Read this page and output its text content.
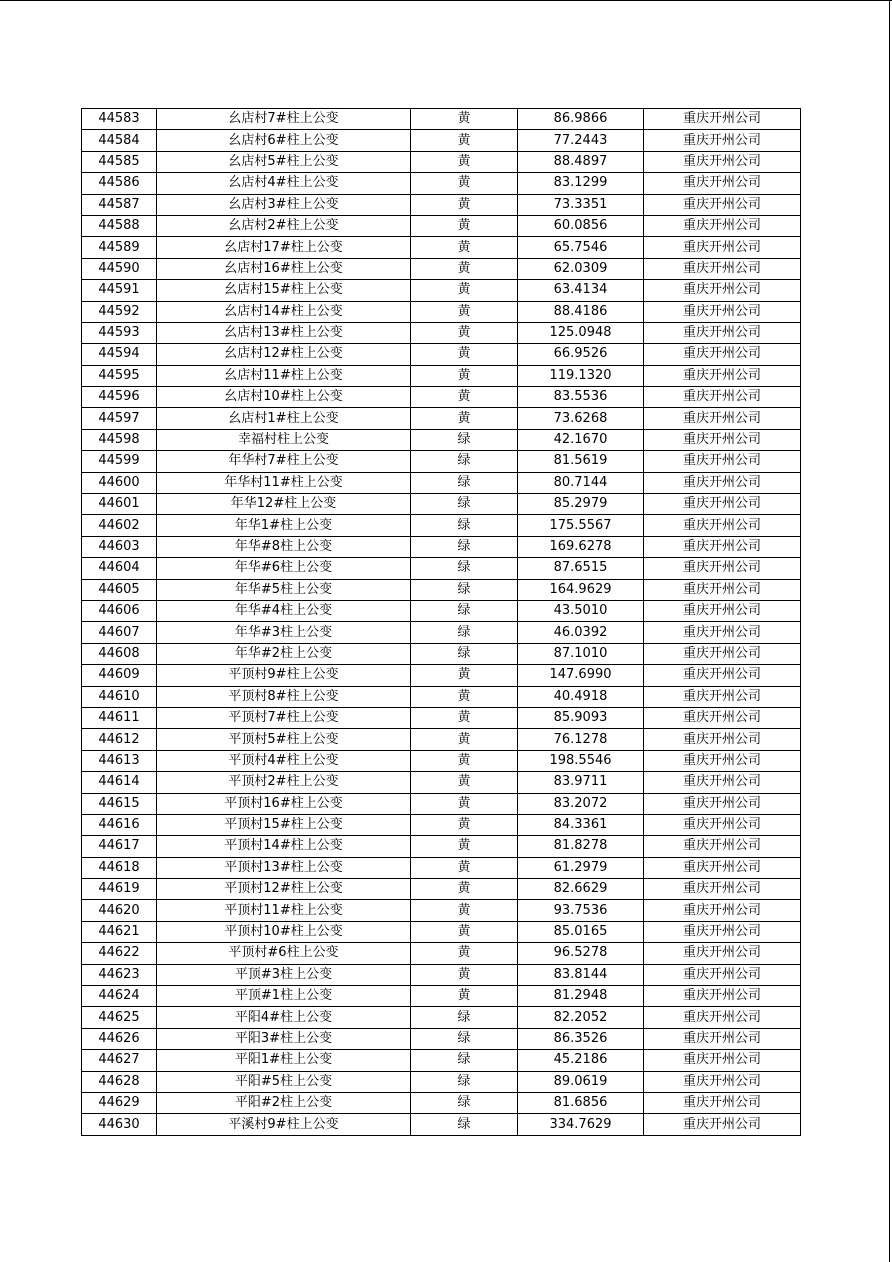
44583	幺店村7#柱上公变	黄	86.9866	重庆开州公司
44584	幺店村6#柱上公变	黄	77.2443	重庆开州公司
44585	幺店村5#柱上公变	黄	88.4897	重庆开州公司
44586	幺店村4#柱上公变	黄	83.1299	重庆开州公司
44587	幺店村3#柱上公变	黄	73.3351	重庆开州公司
44588	幺店村2#柱上公变	黄	60.0856	重庆开州公司
44589	幺店村17#柱上公变	黄	65.7546	重庆开州公司
44590	幺店村16#柱上公变	黄	62.0309	重庆开州公司
44591	幺店村15#柱上公变	黄	63.4134	重庆开州公司
44592	幺店村14#柱上公变	黄	88.4186	重庆开州公司
44593	幺店村13#柱上公变	黄	125.0948	重庆开州公司
44594	幺店村12#柱上公变	黄	66.9526	重庆开州公司
44595	幺店村11#柱上公变	黄	119.1320	重庆开州公司
44596	幺店村10#柱上公变	黄	83.5536	重庆开州公司
44597	幺店村1#柱上公变	黄	73.6268	重庆开州公司
44598	幸福村柱上公变	绿	42.1670	重庆开州公司
44599	年华村7#柱上公变	绿	81.5619	重庆开州公司
44600	年华村11#柱上公变	绿	80.7144	重庆开州公司
44601	年华12#柱上公变	绿	85.2979	重庆开州公司
44602	年华1#柱上公变	绿	175.5567	重庆开州公司
44603	年华#8柱上公变	绿	169.6278	重庆开州公司
44604	年华#6柱上公变	绿	87.6515	重庆开州公司
44605	年华#5柱上公变	绿	164.9629	重庆开州公司
44606	年华#4柱上公变	绿	43.5010	重庆开州公司
44607	年华#3柱上公变	绿	46.0392	重庆开州公司
44608	年华#2柱上公变	绿	87.1010	重庆开州公司
44609	平顶村9#柱上公变	黄	147.6990	重庆开州公司
44610	平顶村8#柱上公变	黄	40.4918	重庆开州公司
44611	平顶村7#柱上公变	黄	85.9093	重庆开州公司
44612	平顶村5#柱上公变	黄	76.1278	重庆开州公司
44613	平顶村4#柱上公变	黄	198.5546	重庆开州公司
44614	平顶村2#柱上公变	黄	83.9711	重庆开州公司
44615	平顶村16#柱上公变	黄	83.2072	重庆开州公司
44616	平顶村15#柱上公变	黄	84.3361	重庆开州公司
44617	平顶村14#柱上公变	黄	81.8278	重庆开州公司
44618	平顶村13#柱上公变	黄	61.2979	重庆开州公司
44619	平顶村12#柱上公变	黄	82.6629	重庆开州公司
44620	平顶村11#柱上公变	黄	93.7536	重庆开州公司
44621	平顶村10#柱上公变	黄	85.0165	重庆开州公司
44622	平顶村#6柱上公变	黄	96.5278	重庆开州公司
44623	平顶#3柱上公变	黄	83.8144	重庆开州公司
44624	平顶#1柱上公变	黄	81.2948	重庆开州公司
44625	平阳4#柱上公变	绿	82.2052	重庆开州公司
44626	平阳3#柱上公变	绿	86.3526	重庆开州公司
44627	平阳1#柱上公变	绿	45.2186	重庆开州公司
44628	平阳#5柱上公变	绿	89.0619	重庆开州公司
44629	平阳#2柱上公变	绿	81.6856	重庆开州公司
44630	平溪村9#柱上公变	绿	334.7629	重庆开州公司
